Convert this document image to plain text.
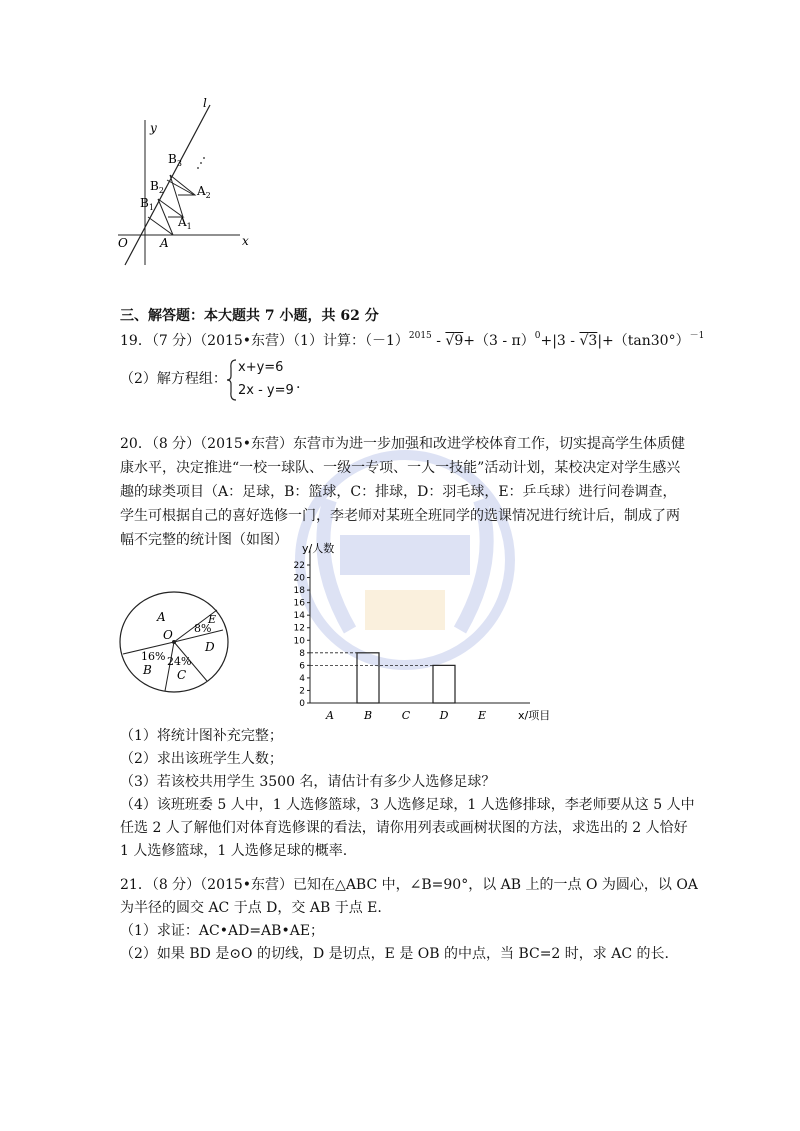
l
y
x
O	A
$B_1$
$A_1$
$B_2$	$A_2$
$B_3$
三、解答题：本大题共 7 小题，共 62 分
19．（7 分）（2015•东营）（1）计算：$(-1)^{2015} - √9+(3 - \pi)^0+|3 - √3|+(\tan 30^\circ)^{-1}$
（2）解方程组：
x+y=6
2x - y=9 .
20．（8 分）（2015•东营）东营市为进一步加强和改进学校体育工作，切实提高学生体质健
康水平，决定推进“一校一球队、一级一专项、一人一技能”活动计划，某校决定对学生感兴
趣的球类项目（A：足球，B：篮球，C：排球，D：羽毛球，E：乒乓球）进行问卷调查，
学生可根据自己的喜好选修一门，李老师对某班全班同学的选课情况进行统计后，制成了两
幅不完整的统计图（如图）
A
O
E
8%
D
16%
B
24%
C
0
2
4
6
8
10
12
14
16
18
20
22
y/人数
x/项目
A	B	C	D	E
（1）将统计图补充完整；
（2）求出该班学生人数；
（3）若该校共用学生 3500 名，请估计有多少人选修足球？
（4）该班班委 5 人中，1 人选修篮球，3 人选修足球，1 人选修排球，李老师要从这 5 人中
任选 2 人了解他们对体育选修课的看法，请你用列表或画树状图的方法，求选出的 2 人恰好
1 人选修篮球，1 人选修足球的概率.
21．（8 分）（2015•东营）已知在△ABC 中，∠B=90°，以 AB 上的一点 O 为圆心，以 OA
为半径的圆交 AC 于点 D，交 AB 于点 E.
（1）求证：AC•AD=AB•AE；
（2）如果 BD 是⊙O 的切线，D 是切点，E 是 OB 的中点，当 BC=2 时，求 AC 的长.
